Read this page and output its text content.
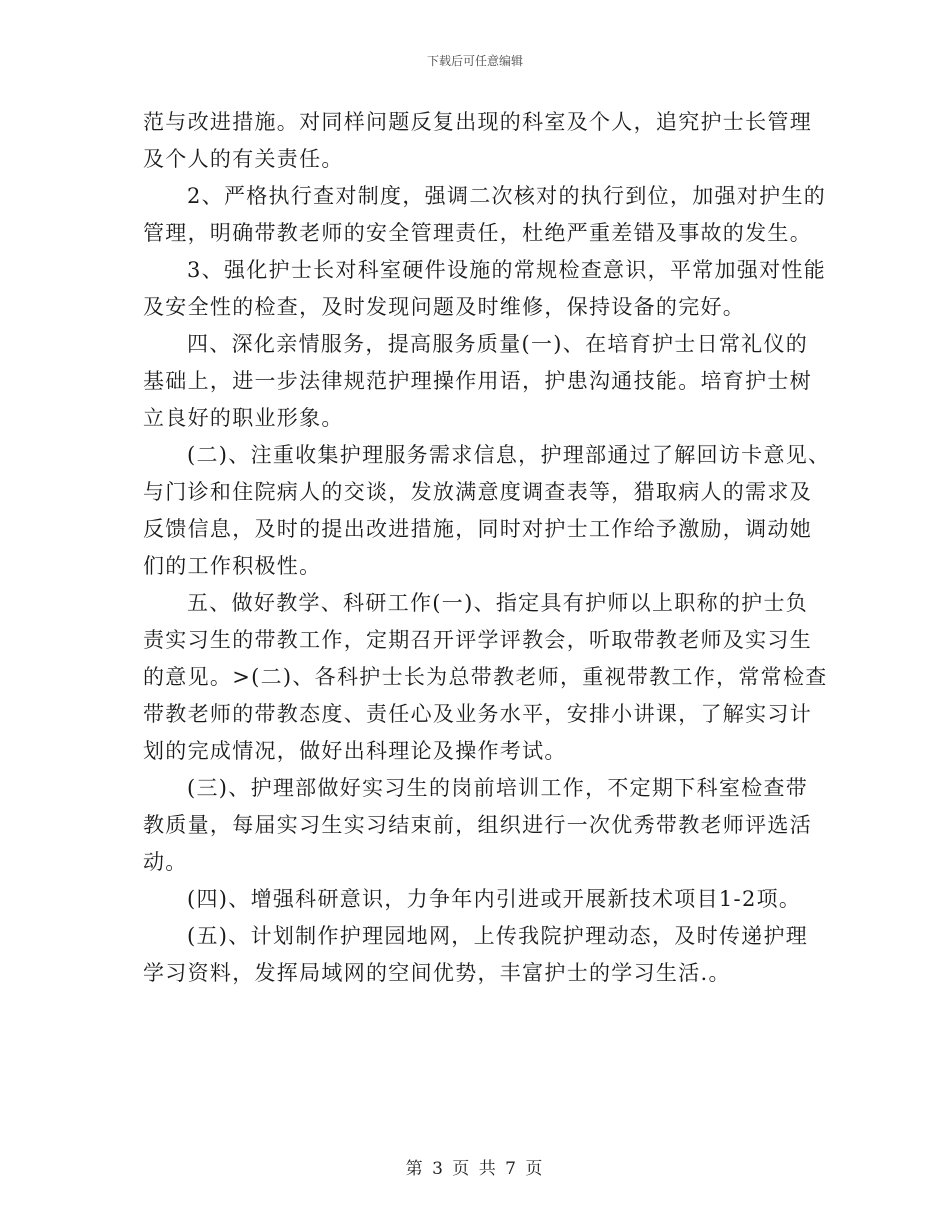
下载后可任意编辑
范与改进措施。对同样问题反复出现的科室及个人，追究护士长管理
及个人的有关责任。
2、严格执行查对制度，强调二次核对的执行到位，加强对护生的
管理，明确带教老师的安全管理责任，杜绝严重差错及事故的发生。
3、强化护士长对科室硬件设施的常规检查意识，平常加强对性能
及安全性的检查，及时发现问题及时维修，保持设备的完好。
四、深化亲情服务，提高服务质量(一)、在培育护士日常礼仪的
基础上，进一步法律规范护理操作用语，护患沟通技能。培育护士树
立良好的职业形象。
(二)、注重收集护理服务需求信息，护理部通过了解回访卡意见、
与门诊和住院病人的交谈，发放满意度调查表等，猎取病人的需求及
反馈信息，及时的提出改进措施，同时对护士工作给予激励，调动她
们的工作积极性。
五、做好教学、科研工作(一)、指定具有护师以上职称的护士负
责实习生的带教工作，定期召开评学评教会，听取带教老师及实习生
的意见。>(二)、各科护士长为总带教老师，重视带教工作，常常检查
带教老师的带教态度、责任心及业务水平，安排小讲课，了解实习计
划的完成情况，做好出科理论及操作考试。
(三)、护理部做好实习生的岗前培训工作，不定期下科室检查带
教质量，每届实习生实习结束前，组织进行一次优秀带教老师评选活
动。
(四)、增强科研意识，力争年内引进或开展新技术项目1-2项。
(五)、计划制作护理园地网，上传我院护理动态，及时传递护理
学习资料，发挥局域网的空间优势，丰富护士的学习生活.。
第 3 页 共 7 页
